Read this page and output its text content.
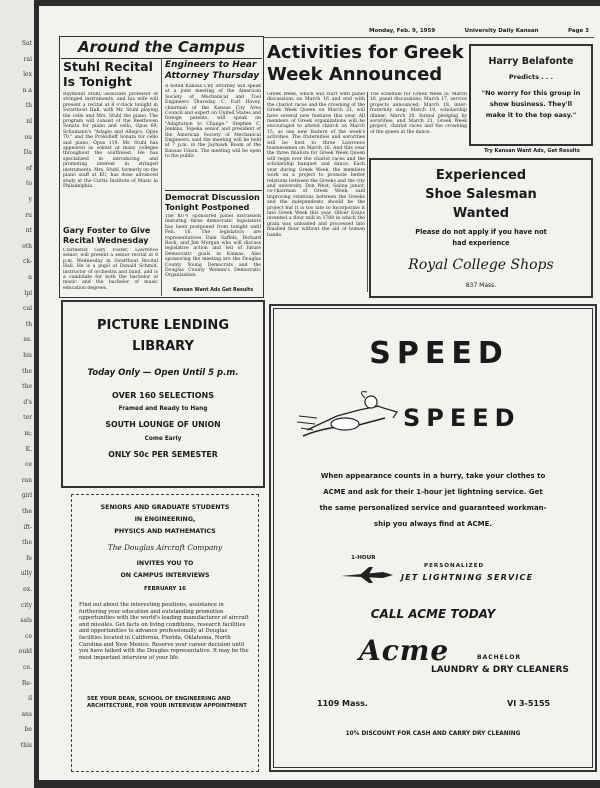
Sat
rai
lex
n a
th
nl
ou
Da
of
to
y
ru
nt
oth
ck-
n
lpl
cal
th
es.
his
the
the
d's
ter
m;
K.
ce
ran
girl
the
ift-
the
fe
ully
ex.
city
sals
ce
ould
ce.
Re-
il
ans
be
this
Monday, Feb. 9, 1959	University Daily Kansan	Page 3
Around the Campus
Stuhl Recital Is Tonight
Raymond Stuhl, associate professor of stringed instruments, and his wife will present a recital at 8 o'clock tonight in Swarthout Hall, with Mr. Stuhl playing the cello and Mrs. Stuhl the piano. The program will consist of the Beethoven Sonata for piano and cello, Opus 69; Schumann's "Adagio and Allegro, Opus 70," and the Prokofieff Sonata for cello and piano, Opus 119. Mr. Stuhl has appeared as soloist at many colleges throughout the southwest. He has specialized in introducing and promoting interest in stringed instruments. Mrs. Stuhl, formerly on the piano staff at KU, has done advanced study at the Curtis Institute of Music in Philadelphia.
Gary Foster to Give Recital Wednesday
Clarinetist Gary Foster, Lawrence senior, will present a senior recital at 8 p.m. Wednesday in Swarthout Recital Hall. He is a pupil of Donald Schmid, instructor of orchestra and band, and is a candidate for both the bachelor of music and the bachelor of music education degrees.
Engineers to Hear Attorney Thursday
A noted Kansas City attorney will speak at a joint meeting of the American Society of Mechanical and Tool Engineers Thursday. C. Earl Hovey, chairman of the Kansas City Area Council and expert on United States and foreign patents, will speak on "Adaptation to Change." Stephen C. Jenkins, Topeka senior and president of the American Society of Mechanical Engineers, said the meeting will be held at 7 p.m. in the Jayhawk Room of the Kansas Union. The meeting will be open to the public.
Democrat Discussion Tonight Postponed
The KU-Y sponsored panel discussion featuring three democratic legislators has been postponed from tonight until Feb. 16. The legislators are representatives Dale Saffels, Richard Rock, and Jim Morgan who will discuss legislative action and tell of future Democratic goals in Kansas. Also sponsoring the meeting are the Douglas County Young Democrats and the Douglas County Women's Democratic Organization.
Kansan Want Ads Get Results
Activities for Greek Week Announced
Greek Week, which will start with panel discussions on March 16 and end with the chariot races and the crowning of the Greek Week Queen on March 21, will have several new features this year. All members of Greek organizations will be encouraged to attend church on March 15, as one new feature of the week's activities. The fraternities and sororities will be host to three Lawrence businessmen on March 16. And this year the three finalists for Greek Week Queen will reign over the chariot races and the scholarship banquet and dance. Each year during Greek Week, the members work on a project to promote better relations between the Greeks and the city and university. Don West, Salina junior, co-chairman of Greek Week, said improving relations between the Greeks and the independents should be the project but it is too late to incorporate it into Greek Week this year. Oliver Evans invented a flour mill in 1788 in which the grain was unloaded and processed into finished flour without the aid of human hands.
The schedule for Greek Week is: March 16, panel discussions; March 17, service projects announced; March 18, inter-fraternity sing; March 19, scholarship dinner; March 20, formal pledging by sororities; and March 21, Greek Week project, chariot races and the crowning of the queen at the dance.
Harry Belafonte
Predicts . . .
"No worry for this group in show business. They'll make it to the top easy."
Try Kansan Want Ads, Get Results
Experienced
Shoe Salesman
Wanted
Please do not apply if you have not
had experience
Royal College Shops
837 Mass.
PICTURE LENDING
LIBRARY
Today Only — Open Until 5 p.m.
OVER 160 SELECTIONS
Framed and Ready to Hang
SOUTH LOUNGE OF UNION
Come Early
ONLY 50c PER SEMESTER
SENIORS AND GRADUATE STUDENTS
IN ENGINEERING,
PHYSICS AND MATHEMATICS
The Douglas Aircraft Company
INVITES YOU TO
ON CAMPUS INTERVIEWS
FEBRUARY 16
Find out about the interesting positions, assistance in furthering your education and outstanding promotion opportunities with the world's leading manufacturer of aircraft and missiles. Get facts on living conditions, research facilities and opportunities to advance professionally at Douglas facilities located in California, Florida, Oklahoma, North Carolina and New Mexico. Reserve your career decision until you have talked with the Douglas representative. It may be the most important interview of your life.
SEE YOUR DEAN, SCHOOL OF ENGINEERING AND ARCHITECTURE, FOR YOUR INTERVIEW APPOINTMENT
SPEED
SPEED
When appearance counts in a hurry, take your clothes to
ACME and ask for their 1-hour jet lightning service. Get
the same personalized service and guaranteed workman-
ship you always find at ACME.
1-HOUR
PERSONALIZED
JET LIGHTNING SERVICE
CALL ACME TODAY
Acme	BACHELOR
LAUNDRY & DRY CLEANERS
1109 Mass.	VI 3-5155
10% DISCOUNT FOR CASH AND CARRY DRY CLEANING
